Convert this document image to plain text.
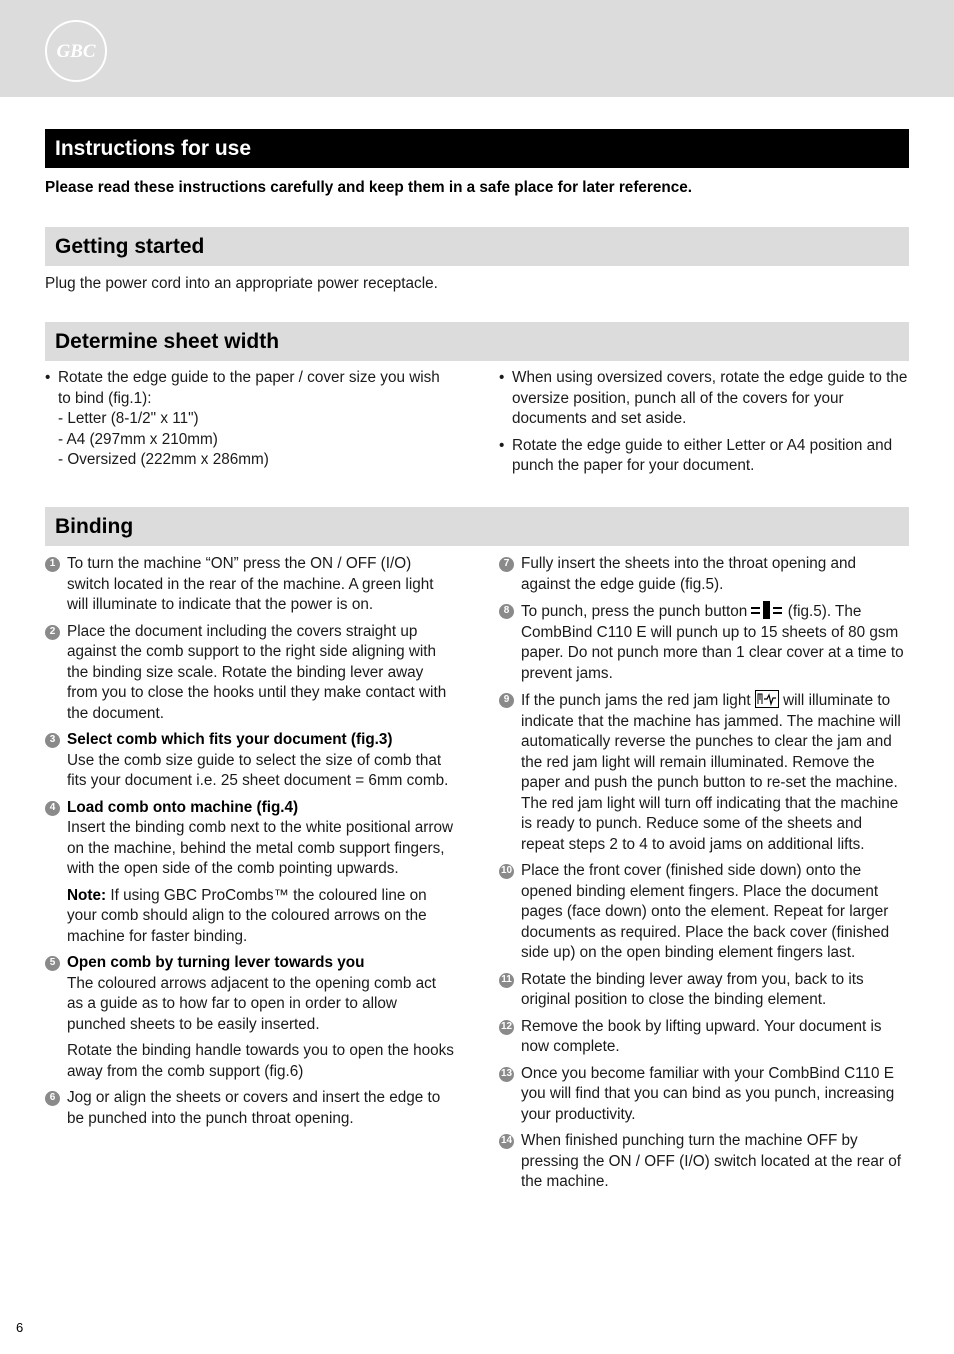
GBC
Instructions for use
Please read these instructions carefully and keep them in a safe place for later reference.
Getting started
Plug the power cord into an appropriate power receptacle.
Determine sheet width
• Rotate the edge guide to the paper / cover size you wish to bind (fig.1):
- Letter (8-1/2" x 11")
- A4 (297mm x 210mm)
- Oversized (222mm x 286mm)
• When using oversized covers, rotate the edge guide to the oversize position, punch all of the covers for your documents and set aside.
• Rotate the edge guide to either Letter or A4 position and punch the paper for your document.
Binding
1 To turn the machine “ON” press the ON / OFF (I/O) switch located in the rear of the machine. A green light will illuminate to indicate that the power is on.
2 Place the document including the covers straight up against the comb support to the right side aligning with the binding size scale. Rotate the binding lever away from you to close the hooks until they make contact with the document.
3 Select comb which fits your document (fig.3)
Use the comb size guide to select the size of comb that fits your document i.e. 25 sheet document = 6mm comb.
4 Load comb onto machine (fig.4)
Insert the binding comb next to the white positional arrow on the machine, behind the metal comb support fingers, with the open side of the comb pointing upwards.

Note: If using GBC ProCombs™ the coloured line on your comb should align to the coloured arrows on the machine for faster binding.

5 Open comb by turning lever towards you
The coloured arrows adjacent to the opening comb act as a guide as to how far to open in order to allow punched sheets to be easily inserted.

Rotate the binding handle towards you to open the hooks away from the comb support (fig.6)

6 Jog or align the sheets or covers and insert the edge to be punched into the punch throat opening.
7 Fully insert the sheets into the throat opening and against the edge guide (fig.5).
8 To punch, press the punch button  (fig.5). The CombBind C110 E will punch up to 15 sheets of 80 gsm paper. Do not punch more than 1 clear cover at a time to prevent jams.
9 If the punch jams the red jam light  will illuminate to indicate that the machine has jammed. The machine will automatically reverse the punches to clear the jam and the red jam light will remain illuminated. Remove the paper and push the punch button to re-set the machine. The red jam light will turn off indicating that the machine is ready to punch. Reduce some of the sheets and repeat steps 2 to 4 to avoid jams on additional lifts.
10 Place the front cover (finished side down) onto the opened binding element fingers. Place the document pages (face down) onto the element. Repeat for larger documents as required. Place the back cover (finished side up) on the open binding element fingers last.
11 Rotate the binding lever away from you, back to its original position to close the binding element.
12 Remove the book by lifting upward. Your document is now complete.
13 Once you become familiar with your CombBind C110 E you will find that you can bind as you punch, increasing your productivity.
14 When finished punching turn the machine OFF by pressing the ON / OFF (I/O) switch located at the rear of the machine.
6
